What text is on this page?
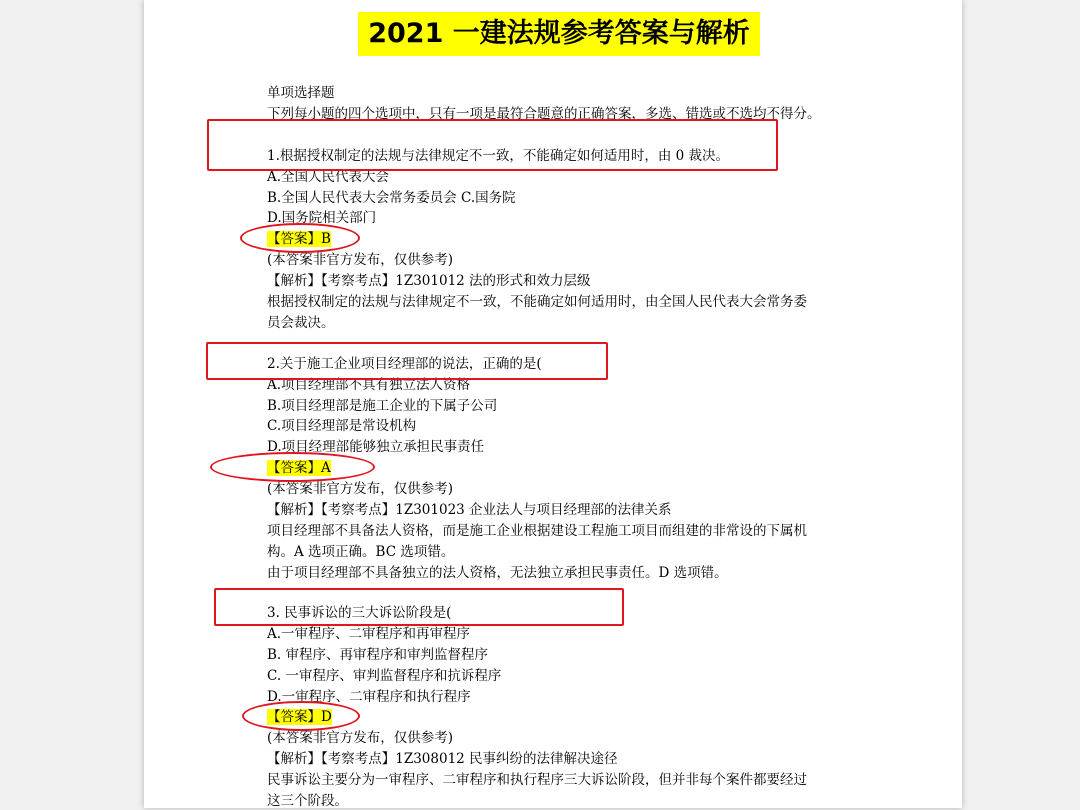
2021 一建法规参考答案与解析
单项选择题
下列每小题的四个选项中，只有一项是最符合题意的正确答案，多选、错选或不选均不得分。
1.根据授权制定的法规与法律规定不一致，不能确定如何适用时，由 0 裁决。
A.全国人民代表大会
B.全国人民代表大会常务委员会 C.国务院
D.国务院相关部门
【答案】B
(本答案非官方发布，仅供参考)
【解析】【考察考点】1Z301012 法的形式和效力层级
根据授权制定的法规与法律规定不一致，不能确定如何适用时，由全国人民代表大会常务委
员会裁决。
2.关于施工企业项目经理部的说法，正确的是(
A.项目经理部不具有独立法人资格
B.项目经理部是施工企业的下属子公司
C.项目经理部是常设机构
D.项目经理部能够独立承担民事责任
【答案】A
(本答案非官方发布，仅供参考)
【解析】【考察考点】1Z301023 企业法人与项目经理部的法律关系
项目经理部不具备法人资格，而是施工企业根据建设工程施工项目而组建的非常设的下属机
构。A 选项正确。BC 选项错。
由于项目经理部不具备独立的法人资格，无法独立承担民事责任。D 选项错。
3. 民事诉讼的三大诉讼阶段是(
A.一审程序、二审程序和再审程序
B. 审程序、再审程序和审判监督程序
C. 一审程序、审判监督程序和抗诉程序
D.一审程序、二审程序和执行程序
【答案】D
(本答案非官方发布，仅供参考)
【解析】【考察考点】1Z308012 民事纠纷的法律解决途径
民事诉讼主要分为一审程序、二审程序和执行程序三大诉讼阶段，但并非每个案件都要经过
这三个阶段。
